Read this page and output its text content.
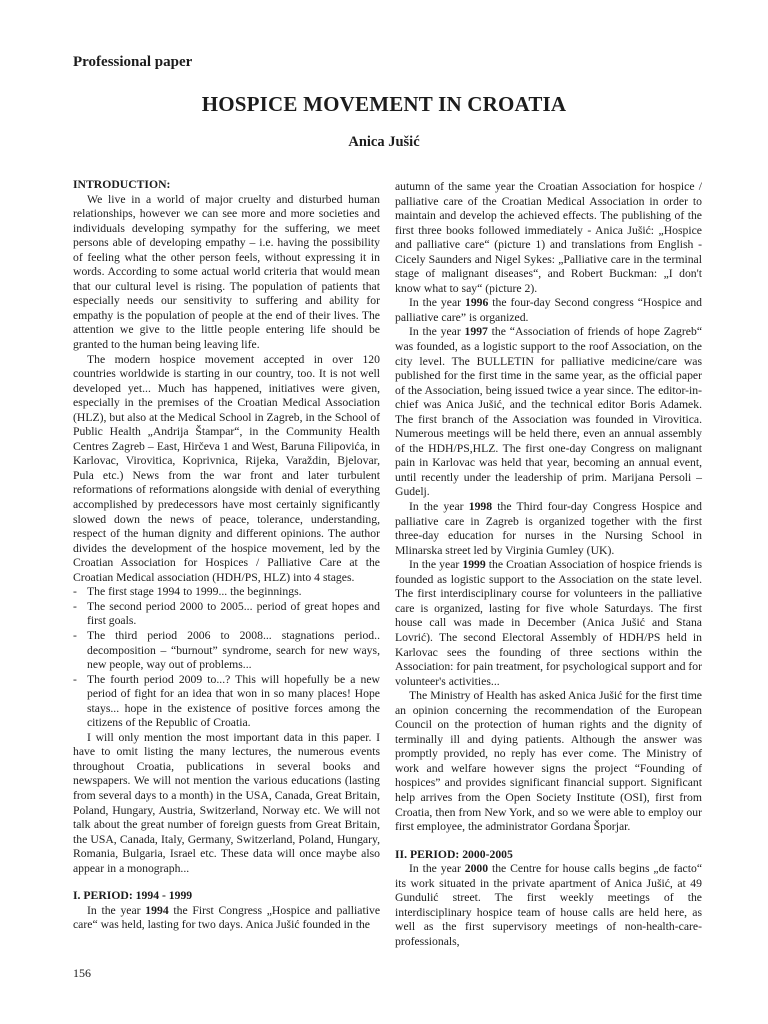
Professional paper
HOSPICE MOVEMENT IN CROATIA
Anica Jušić
INTRODUCTION:

We live in a world of major cruelty and disturbed human relationships, however we can see more and more societies and individuals developing sympathy for the suffering, we meet persons able of developing empathy – i.e. having the possibility of feeling what the other person feels, without expressing it in words. According to some actual world criteria that would mean that our cultural level is rising. The population of patients that especially needs our sensitivity to suffering and ability for empathy is the population of people at the end of their lives. The attention we give to the little people entering life should be granted to the human being leaving life.

The modern hospice movement accepted in over 120 countries worldwide is starting in our country, too. It is not well developed yet... Much has happened, initiatives were given, especially in the premises of the Croatian Medical Association (HLZ), but also at the Medical School in Zagreb, in the School of Public Health „Andrija Štampar“, in the Community Health Centres Zagreb – East, Hirčeva 1 and West, Baruna Filipovića, in Karlovac, Virovitica, Koprivnica, Rijeka, Varaždin, Bjelovar, Pula etc.) News from the war front and later turbulent reformations of reformations alongside with denial of everything accomplished by predecessors have most certainly significantly slowed down the news of peace, tolerance, understanding, respect of the human dignity and different opinions. The author divides the development of the hospice movement, led by the Croatian Association for Hospices / Palliative Care at the Croatian Medical association (HDH/PS, HLZ) into 4 stages.

- The first stage 1994 to 1999... the beginnings.
- The second period 2000 to 2005... period of great hopes and first goals.
- The third period 2006 to 2008... stagnations period.. decomposition – “burnout” syndrome, search for new ways, new people, way out of problems...
- The fourth period 2009 to...? This will hopefully be a new period of fight for an idea that won in so many places! Hope stays... hope in the existence of positive forces among the citizens of the Republic of Croatia.

I will only mention the most important data in this paper. I have to omit listing the many lectures, the numerous events throughout Croatia, publications in several books and newspapers. We will not mention the various educations (lasting from several days to a month) in the USA, Canada, Great Britain, Poland, Hungary, Austria, Switzerland, Norway etc. We will not talk about the great number of foreign guests from Great Britain, the USA, Canada, Italy, Germany, Switzerland, Poland, Hungary, Romania, Bulgaria, Israel etc. These data will once maybe also appear in a monograph...

I. PERIOD: 1994 - 1999

In the year 1994 the First Congress „Hospice and palliative care“ was held, lasting for two days. Anica Jušić founded in the

autumn of the same year the Croatian Association for hospice / palliative care of the Croatian Medical Association in order to maintain and develop the achieved effects. The publishing of the first three books followed immediately - Anica Jušić: „Hospice and palliative care“ (picture 1) and translations from English - Cicely Saunders and Nigel Sykes: „Palliative care in the terminal stage of malignant diseases“, and Robert Buckman: „I don't know what to say“ (picture 2).

In the year 1996 the four-day Second congress “Hospice and palliative care” is organized.

In the year 1997 the “Association of friends of hope Zagreb“ was founded, as a logistic support to the roof Association, on the city level. The BULLETIN for palliative medicine/care was published for the first time in the same year, as the official paper of the Association, being issued twice a year since. The editor-in-chief was Anica Jušić, and the technical editor Boris Adamek. The first branch of the Association was founded in Virovitica. Numerous meetings will be held there, even an annual assembly of the HDH/PS,HLZ. The first one-day Congress on malignant pain in Karlovac was held that year, becoming an annual event, until recently under the leadership of prim. Marijana Persoli – Gudelj.

In the year 1998 the Third four-day Congress Hospice and palliative care in Zagreb is organized together with the first three-day education for nurses in the Nursing School in Mlinarska street led by Virginia Gumley (UK).

In the year 1999 the Croatian Association of hospice friends is founded as logistic support to the Association on the state level. The first interdisciplinary course for volunteers in the palliative care is organized, lasting for five whole Saturdays. The first house call was made in December (Anica Jušić and Stana Lovrić). The second Electoral Assembly of HDH/PS held in Karlovac sees the founding of three sections within the Association: for pain treatment, for psychological support and for volunteer's activities...

The Ministry of Health has asked Anica Jušić for the first time an opinion concerning the recommendation of the European Council on the protection of human rights and the dignity of terminally ill and dying patients. Although the answer was promptly provided, no reply has ever come. The Ministry of work and welfare however signs the project “Founding of hospices” and provides significant financial support. Significant help arrives from the Open Society Institute (OSI), first from Croatia, then from New York, and so we were able to employ our first employee, the administrator Gordana Šporjar.

II. PERIOD: 2000-2005

In the year 2000 the Centre for house calls begins „de facto“ its work situated in the private apartment of Anica Jušić, at 49 Gundulić street. The first weekly meetings of the interdisciplinary hospice team of house calls are held here, as well as the first supervisory meetings of non-health-care-professionals,

156
